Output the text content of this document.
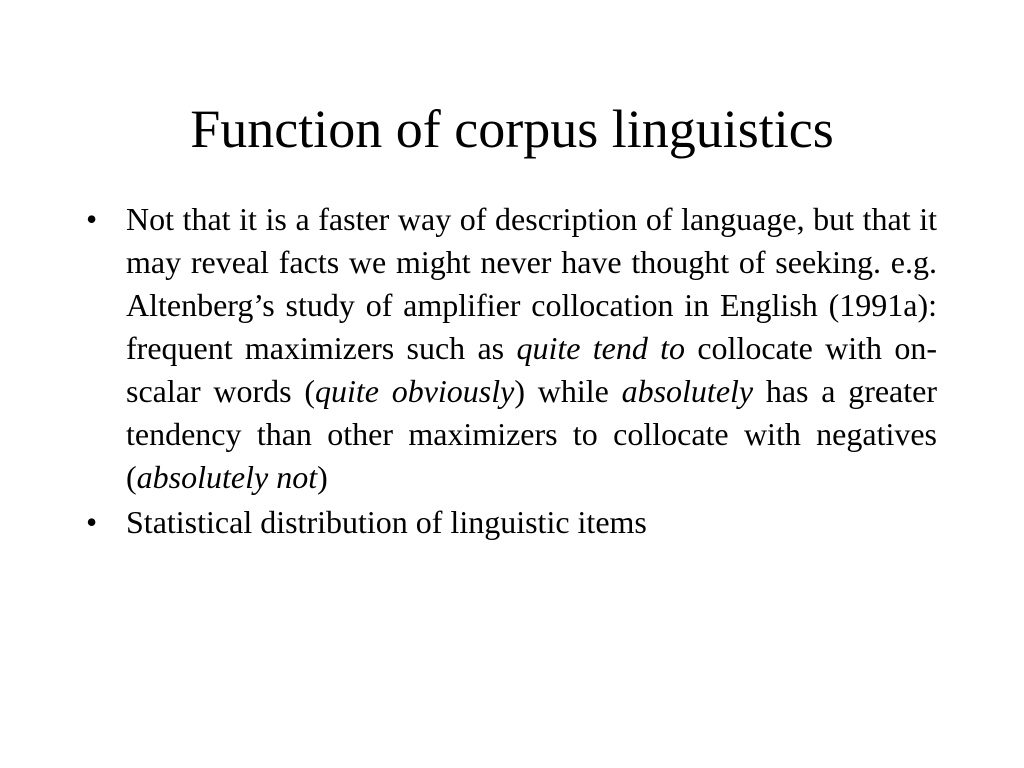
Function of corpus linguistics
• Not that it is a faster way of description of language, but that it may reveal facts we might never have thought of seeking. e.g. Altenberg’s study of amplifier collocation in English (1991a): frequent maximizers such as quite tend to collocate with on-scalar words (quite obviously) while absolutely has a greater tendency than other maximizers to collocate with negatives (absolutely not)
• Statistical distribution of linguistic items
